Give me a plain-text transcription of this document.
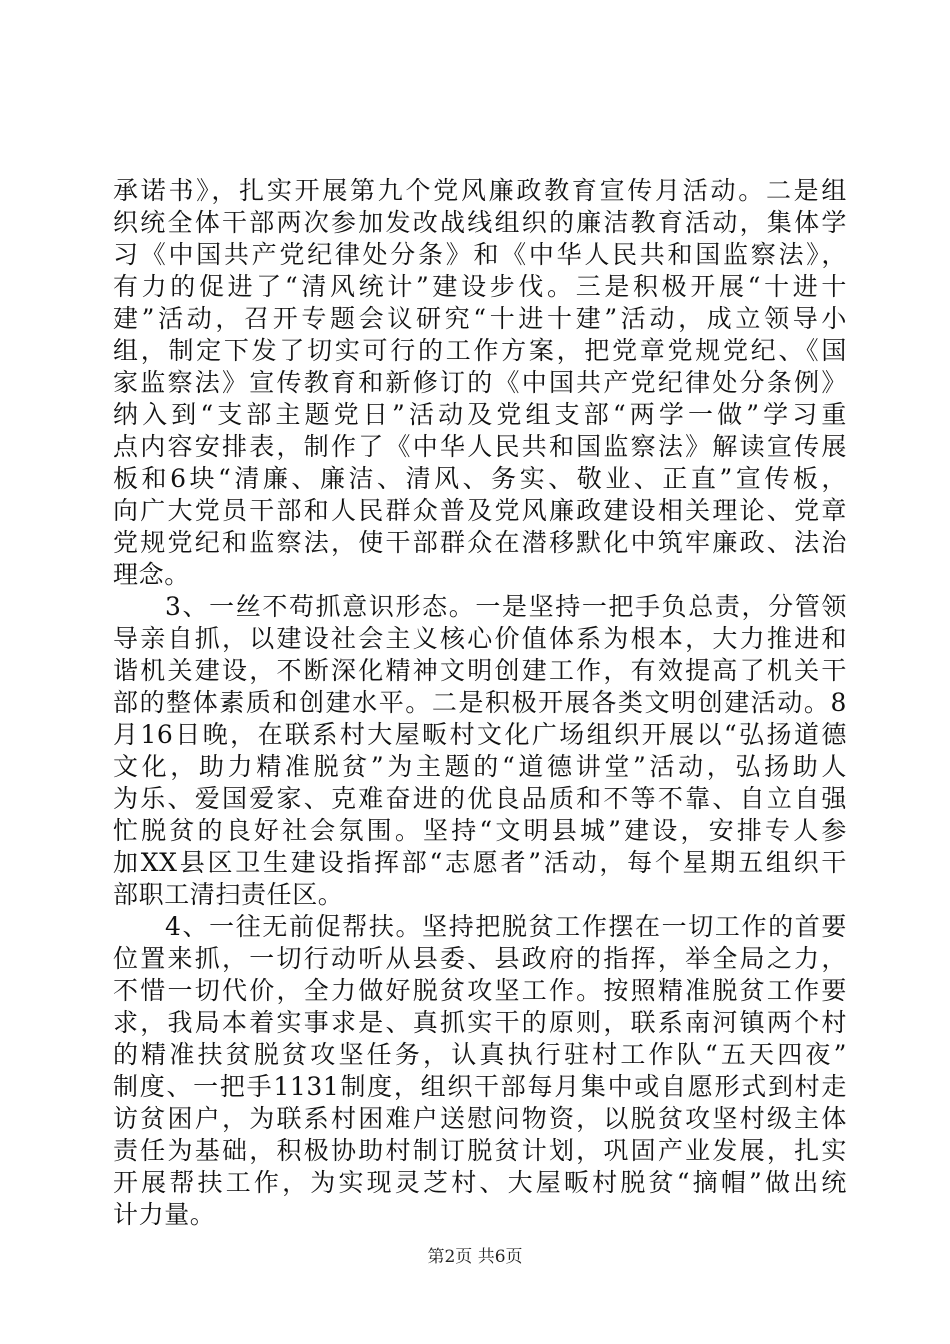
承诺书》，扎实开展第九个党风廉政教育宣传月活动。二是组
织统全体干部两次参加发改战线组织的廉洁教育活动，集体学
习《中国共产党纪律处分条》和《中华人民共和国监察法》，
有力的促进了“清风统计”建设步伐。三是积极开展“十进十
建”活动，召开专题会议研究“十进十建”活动，成立领导小
组，制定下发了切实可行的工作方案，把党章党规党纪、《国
家监察法》宣传教育和新修订的《中国共产党纪律处分条例》
纳入到“支部主题党日”活动及党组支部“两学一做”学习重
点内容安排表，制作了《中华人民共和国监察法》解读宣传展
板和6块“清廉、廉洁、清风、务实、敬业、正直”宣传板，
向广大党员干部和人民群众普及党风廉政建设相关理论、党章
党规党纪和监察法，使干部群众在潜移默化中筑牢廉政、法治
理念。
3、一丝不苟抓意识形态。一是坚持一把手负总责，分管领
导亲自抓，以建设社会主义核心价值体系为根本，大力推进和
谐机关建设，不断深化精神文明创建工作，有效提高了机关干
部的整体素质和创建水平。二是积极开展各类文明创建活动。8
月16日晚，在联系村大屋畈村文化广场组织开展以“弘扬道德
文化，助力精准脱贫”为主题的“道德讲堂”活动，弘扬助人
为乐、爱国爱家、克难奋进的优良品质和不等不靠、自立自强
忙脱贫的良好社会氛围。坚持“文明县城”建设，安排专人参
加XX县区卫生建设指挥部“志愿者”活动，每个星期五组织干
部职工清扫责任区。
4、一往无前促帮扶。坚持把脱贫工作摆在一切工作的首要
位置来抓，一切行动听从县委、县政府的指挥，举全局之力，
不惜一切代价，全力做好脱贫攻坚工作。按照精准脱贫工作要
求，我局本着实事求是、真抓实干的原则，联系南河镇两个村
的精准扶贫脱贫攻坚任务，认真执行驻村工作队“五天四夜”
制度、一把手1131制度，组织干部每月集中或自愿形式到村走
访贫困户，为联系村困难户送慰问物资，以脱贫攻坚村级主体
责任为基础，积极协助村制订脱贫计划，巩固产业发展，扎实
开展帮扶工作，为实现灵芝村、大屋畈村脱贫“摘帽”做出统
计力量。
第2页 共6页
